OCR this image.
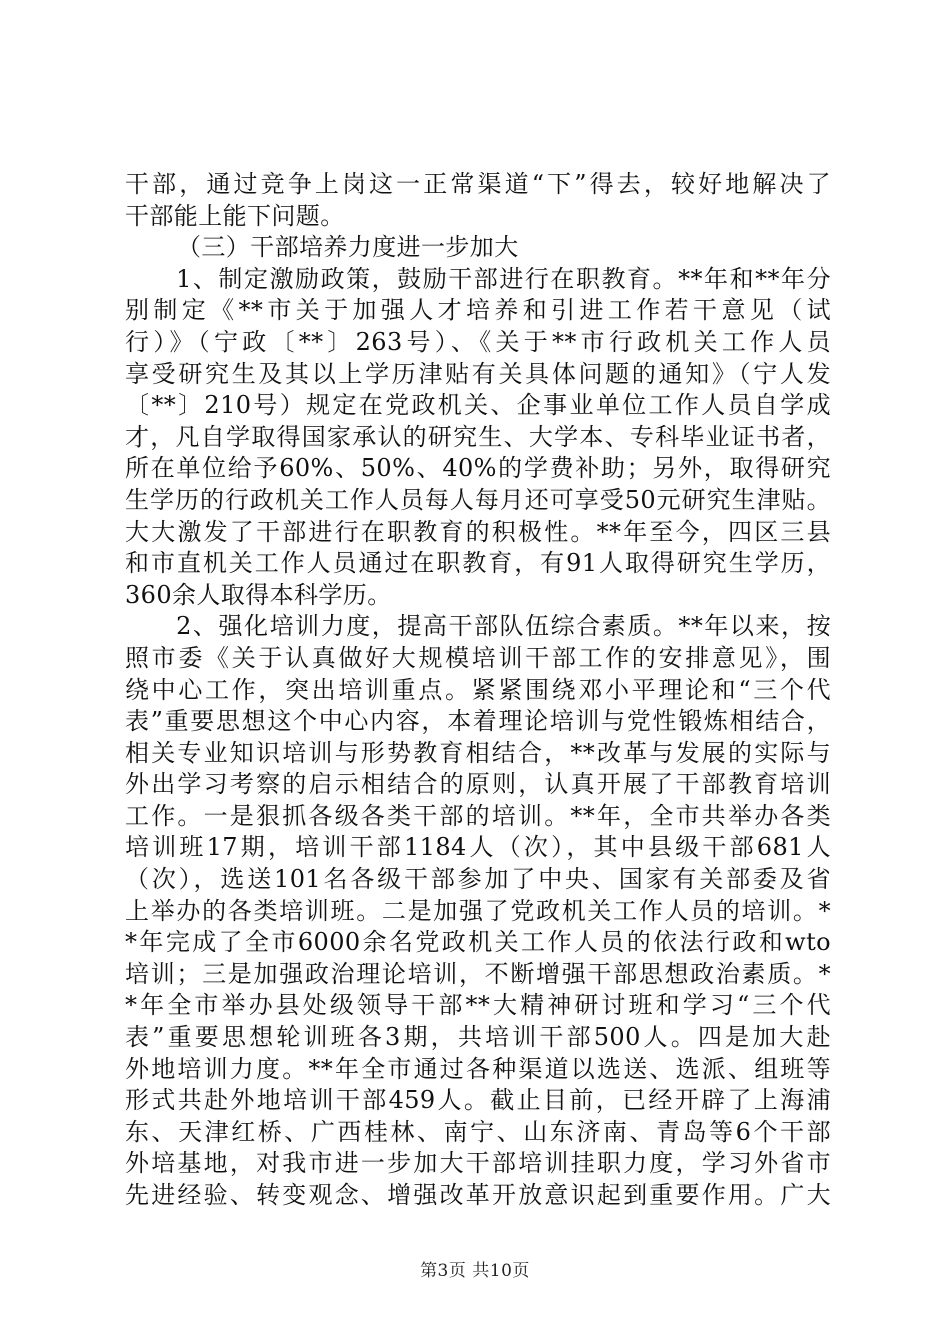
干部，通过竞争上岗这一正常渠道“下”得去，较好地解决了
干部能上能下问题。
（三）干部培养力度进一步加大
　　1、制定激励政策，鼓励干部进行在职教育。**年和**年分
别制定《**市关于加强人才培养和引进工作若干意见（试
行）》（宁政〔**〕263号）、《关于**市行政机关工作人员
享受研究生及其以上学历津贴有关具体问题的通知》（宁人发
〔**〕210号）规定在党政机关、企事业单位工作人员自学成
才，凡自学取得国家承认的研究生、大学本、专科毕业证书者，
所在单位给予60%、50%、40%的学费补助；另外，取得研究
生学历的行政机关工作人员每人每月还可享受50元研究生津贴。
大大激发了干部进行在职教育的积极性。**年至今，四区三县
和市直机关工作人员通过在职教育，有91人取得研究生学历，
360余人取得本科学历。
　　2、强化培训力度，提高干部队伍综合素质。**年以来，按
照市委《关于认真做好大规模培训干部工作的安排意见》，围
绕中心工作，突出培训重点。紧紧围绕邓小平理论和“三个代
表”重要思想这个中心内容，本着理论培训与党性锻炼相结合，
相关专业知识培训与形势教育相结合，**改革与发展的实际与
外出学习考察的启示相结合的原则，认真开展了干部教育培训
工作。一是狠抓各级各类干部的培训。**年，全市共举办各类
培训班17期，培训干部1184人（次），其中县级干部681人
（次），选送101名各级干部参加了中央、国家有关部委及省
上举办的各类培训班。二是加强了党政机关工作人员的培训。*
*年完成了全市6000余名党政机关工作人员的依法行政和wto
培训；三是加强政治理论培训，不断增强干部思想政治素质。*
*年全市举办县处级领导干部**大精神研讨班和学习“三个代
表”重要思想轮训班各3期，共培训干部500人。四是加大赴
外地培训力度。**年全市通过各种渠道以选送、选派、组班等
形式共赴外地培训干部459人。截止目前，已经开辟了上海浦
东、天津红桥、广西桂林、南宁、山东济南、青岛等6个干部
外培基地，对我市进一步加大干部培训挂职力度，学习外省市
先进经验、转变观念、增强改革开放意识起到重要作用。广大
第3页 共10页
